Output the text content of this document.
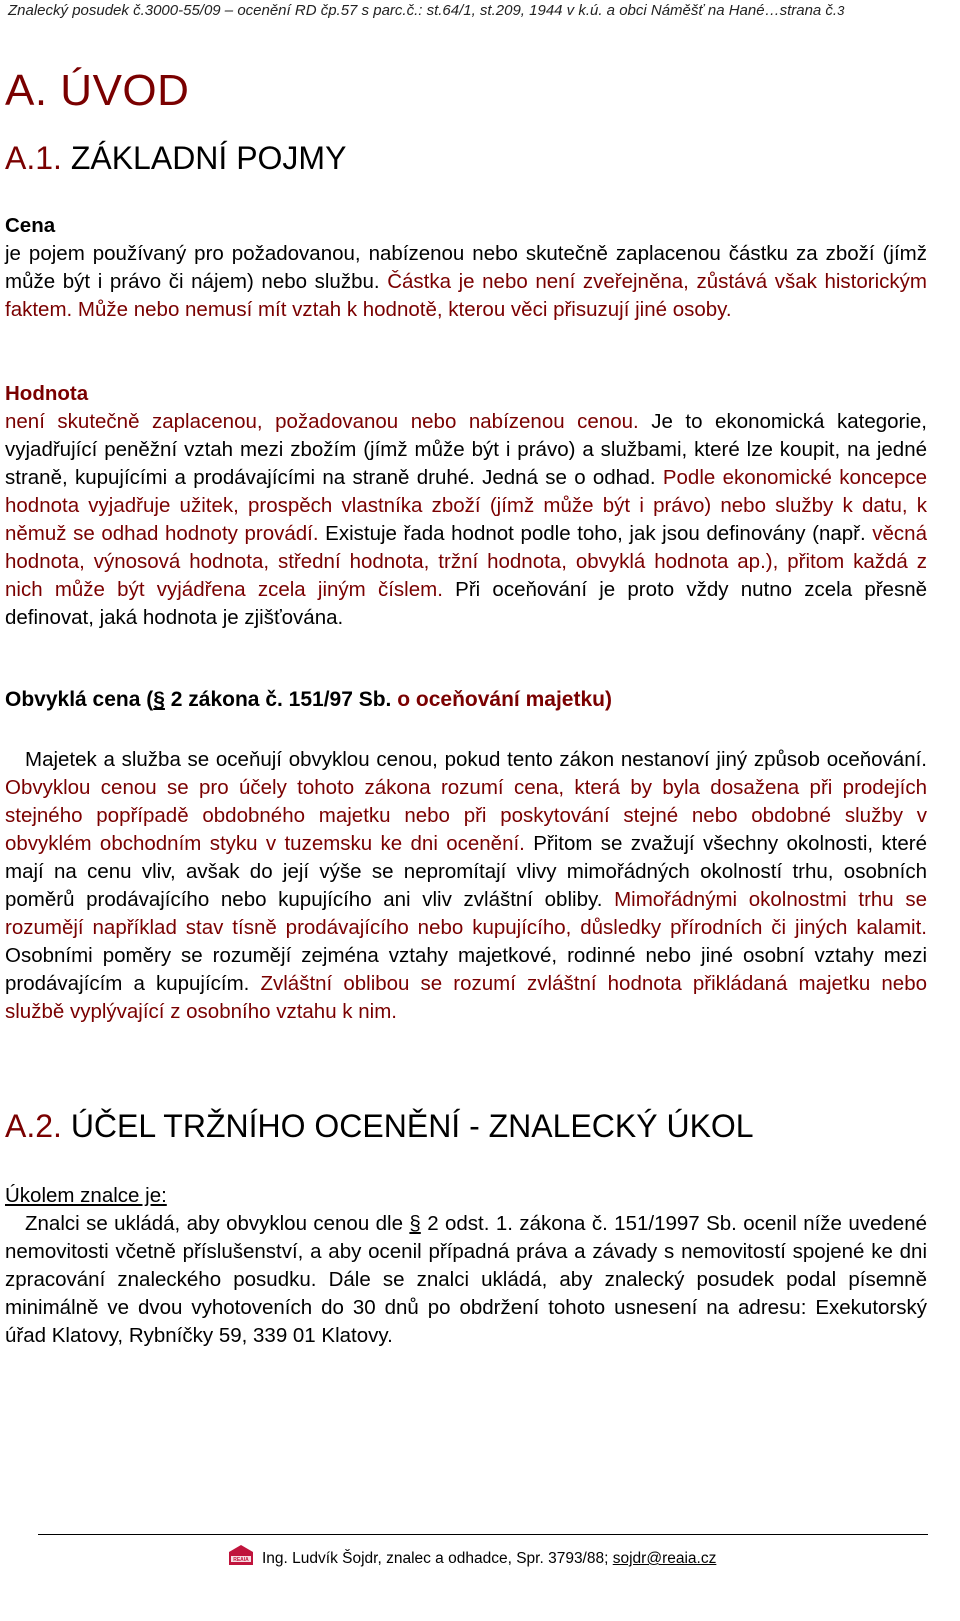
Znalecký posudek č.3000-55/09 – ocenění RD čp.57 s parc.č.: st.64/1, st.209, 1944 v k.ú. a obci Náměšť na Hané…strana č.3
A. ÚVOD
A.1. ZÁKLADNÍ POJMY
Cena

je pojem používaný pro požadovanou, nabízenou nebo skutečně zaplacenou částku za zboží (jímž může být i právo či nájem) nebo službu. Částka je nebo není zveřejněna, zůstává však historickým faktem. Může nebo nemusí mít vztah k hodnotě, kterou věci přisuzují jiné osoby.

Hodnota

není skutečně zaplacenou, požadovanou nebo nabízenou cenou. Je to ekonomická kategorie, vyjadřující peněžní vztah mezi zbožím (jímž může být i právo) a službami, které lze koupit, na jedné straně, kupujícími a prodávajícími na straně druhé. Jedná se o odhad. Podle ekonomické koncepce hodnota vyjadřuje užitek, prospěch vlastníka zboží (jímž může být i právo) nebo služby k datu, k němuž se odhad hodnoty provádí. Existuje řada hodnot podle toho, jak jsou definovány (např. věcná hodnota, výnosová hodnota, střední hodnota, tržní hodnota, obvyklá hodnota ap.), přitom každá z nich může být vyjádřena zcela jiným číslem. Při oceňování je proto vždy nutno zcela přesně definovat, jaká hodnota je zjišťována.

Obvyklá cena (§ 2 zákona č. 151/97 Sb. o oceňování majetku)

Majetek a služba se oceňují obvyklou cenou, pokud tento zákon nestanoví jiný způsob oceňování. Obvyklou cenou se pro účely tohoto zákona rozumí cena, která by byla dosažena při prodejích stejného popřípadě obdobného majetku nebo při poskytování stejné nebo obdobné služby v obvyklém obchodním styku v tuzemsku ke dni ocenění. Přitom se zvažují všechny okolnosti, které mají na cenu vliv, avšak do její výše se nepromítají vlivy mimořádných okolností trhu, osobních poměrů prodávajícího nebo kupujícího ani vliv zvláštní obliby. Mimořádnými okolnostmi trhu se rozumějí například stav tísně prodávajícího nebo kupujícího, důsledky přírodních či jiných kalamit. Osobními poměry se rozumějí zejména vztahy majetkové, rodinné nebo jiné osobní vztahy mezi prodávajícím a kupujícím. Zvláštní oblibou se rozumí zvláštní hodnota přikládaná majetku nebo službě vyplývající z osobního vztahu k nim.

A.2. ÚČEL TRŽNÍHO OCENĚNÍ - ZNALECKÝ ÚKOL
Úkolem znalce je:

Znalci se ukládá, aby obvyklou cenou dle § 2 odst. 1. zákona č. 151/1997 Sb. ocenil níže uvedené nemovitosti včetně příslušenství, a aby ocenil případná práva a závady s nemovitostí spojené ke dni zpracování znaleckého posudku. Dále se znalci ukládá, aby znalecký posudek podal písemně minimálně ve dvou vyhotoveních do 30 dnů po obdržení tohoto usnesení na adresu: Exekutorský úřad Klatovy, Rybníčky 59, 339 01 Klatovy.

REAIA Ing. Ludvík Šojdr, znalec a odhadce, Spr. 3793/88;
sojdr@reaia.cz
